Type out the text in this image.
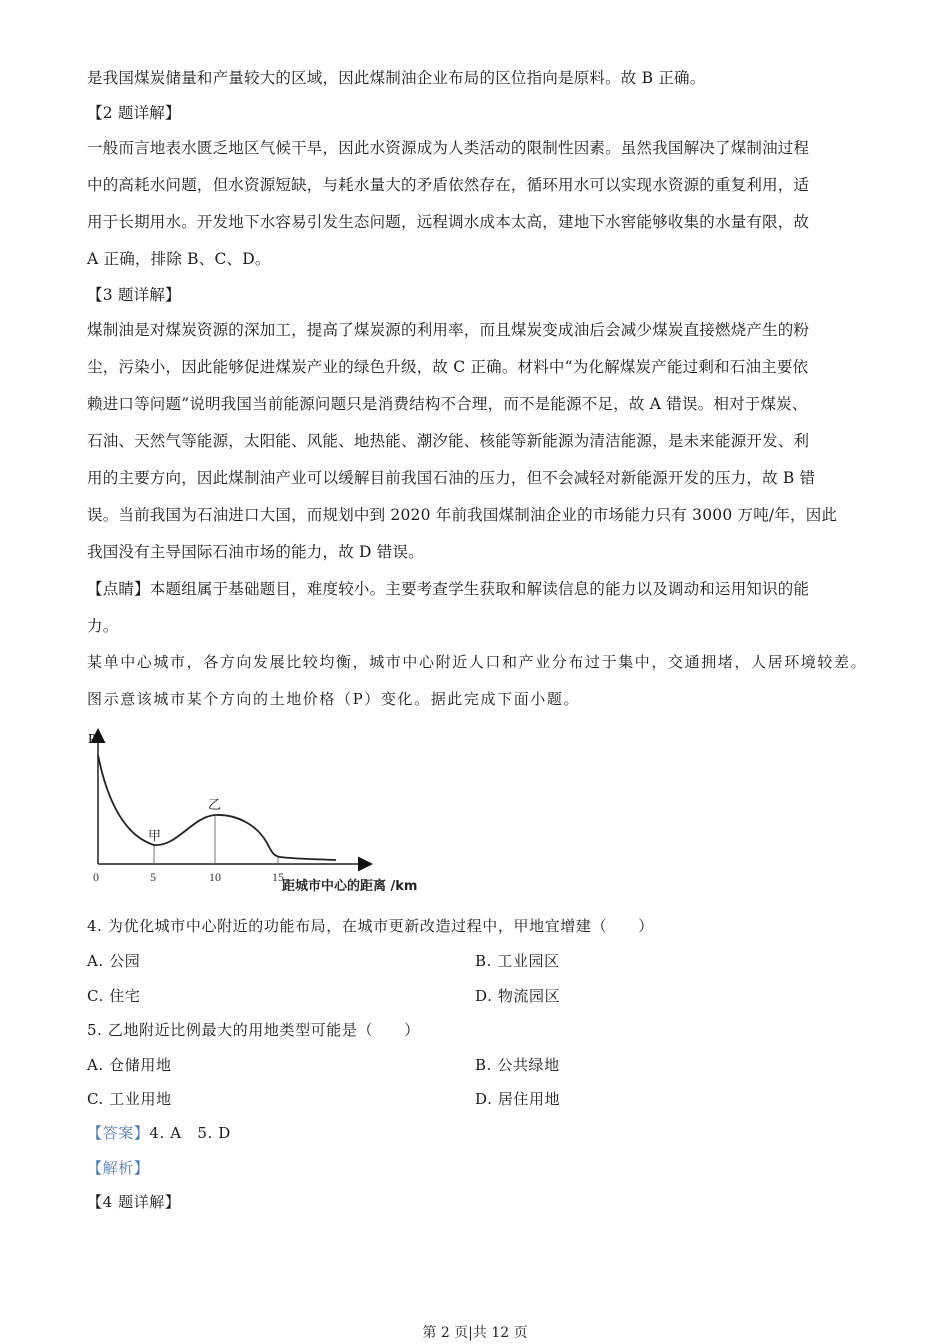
是我国煤炭储量和产量较大的区域，因此煤制油企业布局的区位指向是原料。故 B 正确。
【2 题详解】
一般而言地表水匮乏地区气候干旱，因此水资源成为人类活动的限制性因素。虽然我国解决了煤制油过程
中的高耗水问题，但水资源短缺，与耗水量大的矛盾依然存在，循环用水可以实现水资源的重复利用，适
用于长期用水。开发地下水容易引发生态问题，远程调水成本太高，建地下水窖能够收集的水量有限，故
A 正确，排除 B、C、D。
【3 题详解】
煤制油是对煤炭资源的深加工，提高了煤炭源的利用率，而且煤炭变成油后会减少煤炭直接燃烧产生的粉
尘，污染小，因此能够促进煤炭产业的绿色升级，故 C 正确。材料中“为化解煤炭产能过剩和石油主要依
赖进口等问题”说明我国当前能源问题只是消费结构不合理，而不是能源不足，故 A 错误。相对于煤炭、
石油、天然气等能源，太阳能、风能、地热能、潮汐能、核能等新能源为清洁能源，是未来能源开发、利
用的主要方向，因此煤制油产业可以缓解目前我国石油的压力，但不会减轻对新能源开发的压力，故 B 错
误。当前我国为石油进口大国，而规划中到 2020 年前我国煤制油企业的市场能力只有 3000 万吨/年，因此
我国没有主导国际石油市场的能力，故 D 错误。
【点睛】本题组属于基础题目，难度较小。主要考查学生获取和解读信息的能力以及调动和运用知识的能
力。
某单中心城市，各方向发展比较均衡，城市中心附近人口和产业分布过于集中，交通拥堵，人居环境较差。
图示意该城市某个方向的土地价格（P）变化。据此完成下面小题。
P
0	5	10	15
甲
乙
距城市中心的距离 /km
4. 为优化城市中心附近的功能布局，在城市更新改造过程中，甲地宜增建（　　）
A. 公园	B. 工业园区
C. 住宅	D. 物流园区
5. 乙地附近比例最大的用地类型可能是（　　）
A. 仓储用地	B. 公共绿地
C. 工业用地	D. 居住用地
【答案】4. A　5. D
【解析】
【4 题详解】
第 2 页|共 12 页
